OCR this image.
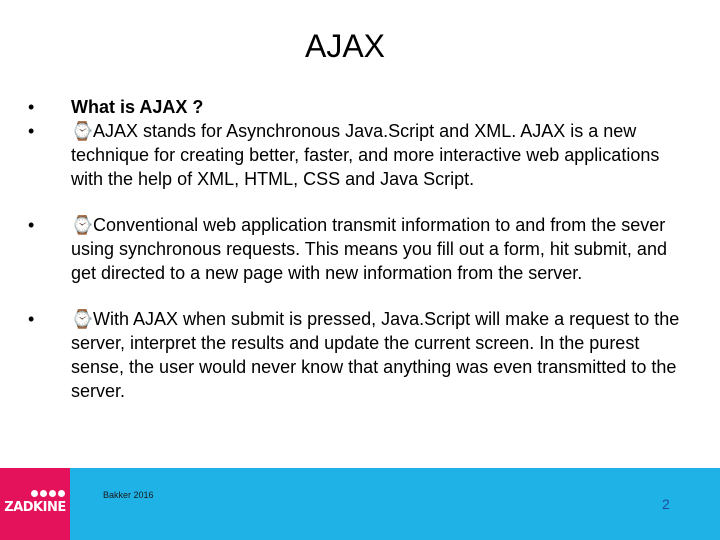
AJAX
•	What is AJAX ?
•	⌚AJAX stands for Asynchronous Java.Script and XML. AJAX is a new technique for creating better, faster, and more interactive web applications with the help of XML, HTML, CSS and Java Script.
•	⌚Conventional web application transmit information to and from the sever using synchronous requests. This means you fill out a form, hit submit, and get directed to a new page with new information from the server.
•	⌚With AJAX when submit is pressed, Java.Script will make a request to the server, interpret the results and update the current screen. In the purest sense, the user would never know that anything was even transmitted to the server.
ZADKINE
Bakker 2016
2
